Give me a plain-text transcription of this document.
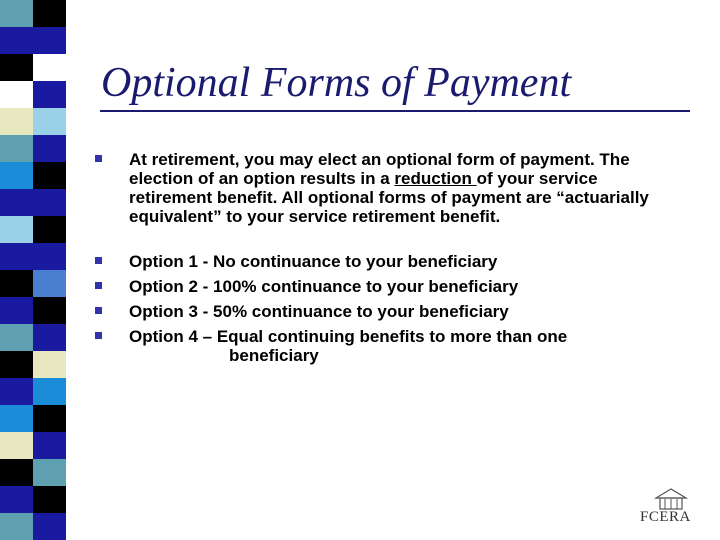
Optional Forms of Payment
At retirement, you may elect an optional form of payment. The election of an option results in a reduction of your service retirement benefit. All optional forms of payment are “actuarially equivalent” to your service retirement benefit.
Option 1 - No continuance to your beneficiary
Option 2 - 100% continuance to your beneficiary
Option 3 - 50% continuance to your beneficiary
Option 4 – Equal continuing benefits to more than one
beneficiary
FCERA
